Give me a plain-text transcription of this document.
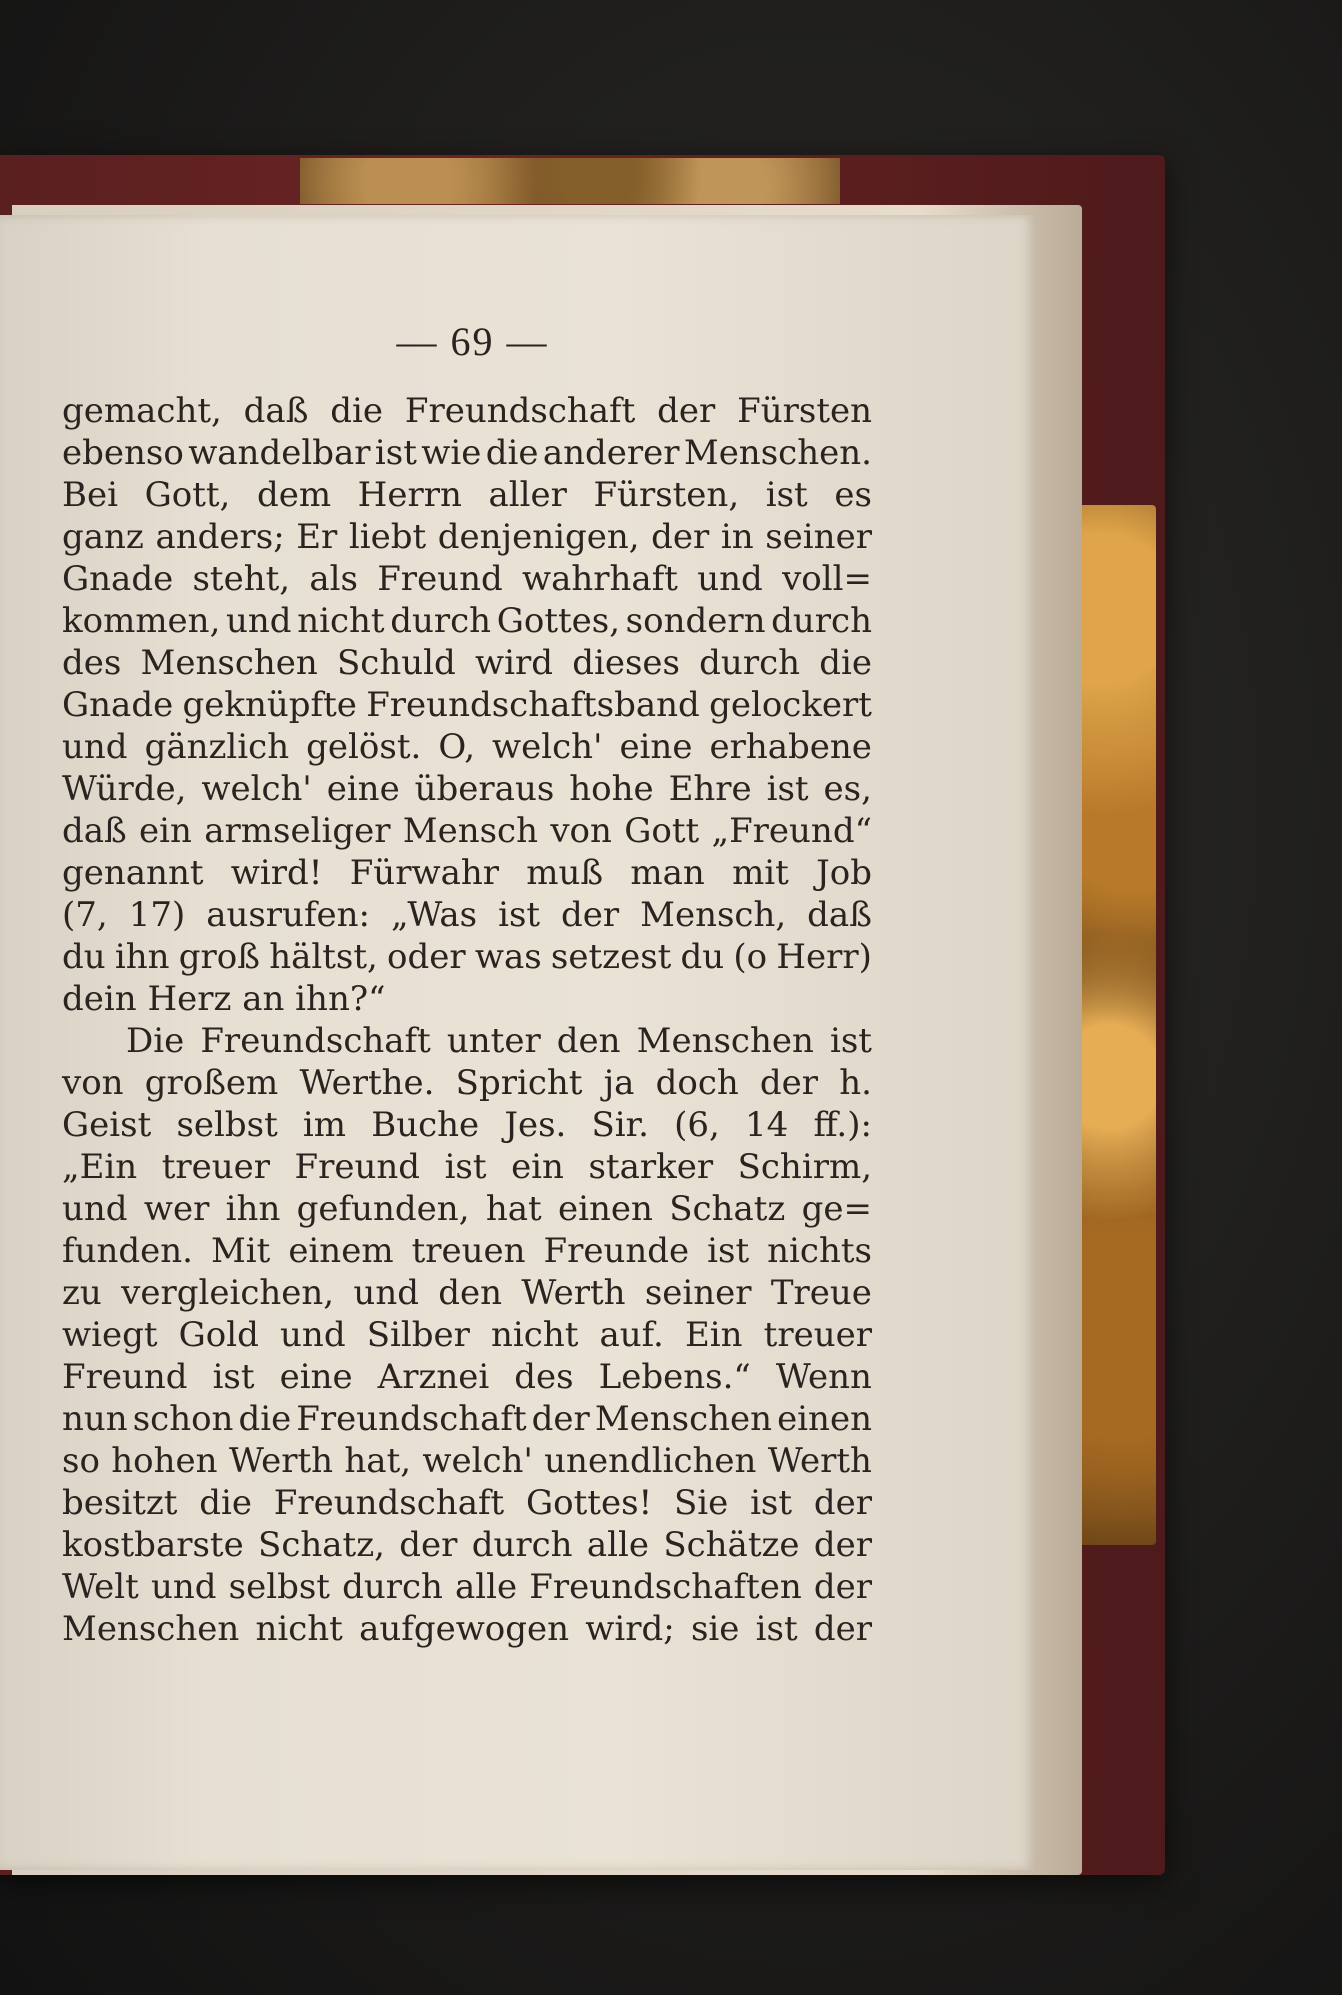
— 69 —
gemacht, daß die Freundschaft der Fürsten
ebenso wandelbar ist wie die anderer Menschen.
Bei Gott, dem Herrn aller Fürsten, ist es
ganz anders; Er liebt denjenigen, der in seiner
Gnade steht, als Freund wahrhaft und voll=
kommen, und nicht durch Gottes, sondern durch
des Menschen Schuld wird dieses durch die
Gnade geknüpfte Freundschaftsband gelockert
und gänzlich gelöst. O, welch' eine erhabene
Würde, welch' eine überaus hohe Ehre ist es,
daß ein armseliger Mensch von Gott „Freund“
genannt wird! Fürwahr muß man mit Job
(7, 17) ausrufen: „Was ist der Mensch, daß
du ihn groß hältst, oder was setzest du (o Herr)
dein Herz an ihn?“
Die Freundschaft unter den Menschen ist
von großem Werthe. Spricht ja doch der h.
Geist selbst im Buche Jes. Sir. (6, 14 ff.):
„Ein treuer Freund ist ein starker Schirm,
und wer ihn gefunden, hat einen Schatz ge=
funden. Mit einem treuen Freunde ist nichts
zu vergleichen, und den Werth seiner Treue
wiegt Gold und Silber nicht auf. Ein treuer
Freund ist eine Arznei des Lebens.“ Wenn
nun schon die Freundschaft der Menschen einen
so hohen Werth hat, welch' unendlichen Werth
besitzt die Freundschaft Gottes! Sie ist der
kostbarste Schatz, der durch alle Schätze der
Welt und selbst durch alle Freundschaften der
Menschen nicht aufgewogen wird; sie ist der
